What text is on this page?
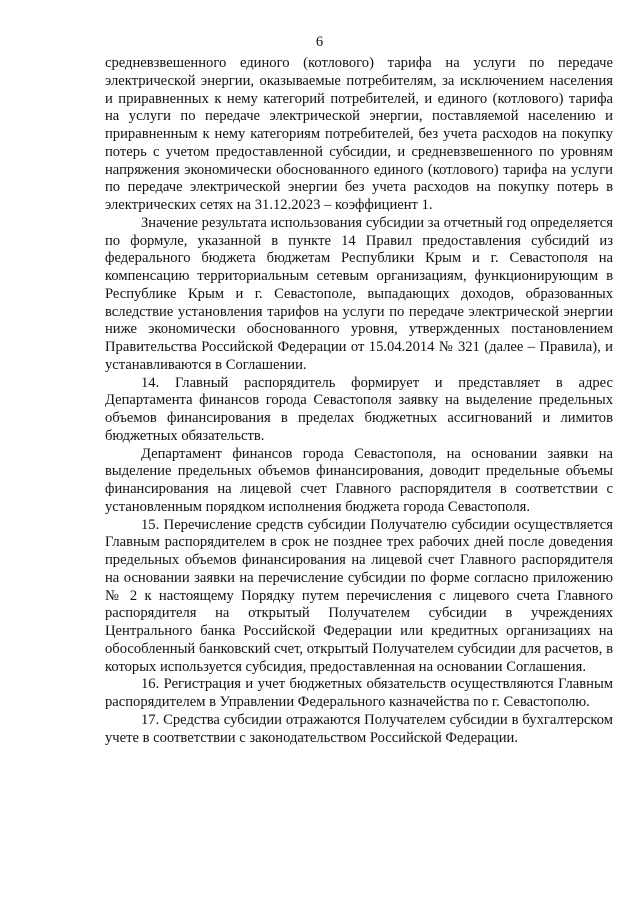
6

средневзвешенного единого (котлового) тарифа на услуги по передаче электрической энергии, оказываемые потребителям, за исключением населения и приравненных к нему категорий потребителей, и единого (котлового) тарифа на услуги по передаче электрической энергии, поставляемой населению и приравненным к нему категориям потребителей, без учета расходов на покупку потерь с учетом предоставленной субсидии, и средневзвешенного по уровням напряжения экономически обоснованного единого (котлового) тарифа на услуги по передаче электрической энергии без учета расходов на покупку потерь в электрических сетях на 31.12.2023 – коэффициент 1.

Значение результата использования субсидии за отчетный год определяется по формуле, указанной в пункте 14 Правил предоставления субсидий из федерального бюджета бюджетам Республики Крым и г. Севастополя на компенсацию территориальным сетевым организациям, функционирующим в Республике Крым и г. Севастополе, выпадающих доходов, образованных вследствие установления тарифов на услуги по передаче электрической энергии ниже экономически обоснованного уровня, утвержденных постановлением Правительства Российской Федерации от 15.04.2014 № 321 (далее – Правила), и устанавливаются в Соглашении.

14. Главный распорядитель формирует и представляет в адрес Департамента финансов города Севастополя заявку на выделение предельных объемов финансирования в пределах бюджетных ассигнований и лимитов бюджетных обязательств.

Департамент финансов города Севастополя, на основании заявки на выделение предельных объемов финансирования, доводит предельные объемы финансирования на лицевой счет Главного распорядителя в соответствии с установленным порядком исполнения бюджета города Севастополя.

15. Перечисление средств субсидии Получателю субсидии осуществляется Главным распорядителем в срок не позднее трех рабочих дней после доведения предельных объемов финансирования на лицевой счет Главного распорядителя на основании заявки на перечисление субсидии по форме согласно приложению № 2 к настоящему Порядку путем перечисления с лицевого счета Главного распорядителя на открытый Получателем субсидии в учреждениях Центрального банка Российской Федерации или кредитных организациях на обособленный банковский счет, открытый Получателем субсидии для расчетов, в которых используется субсидия, предоставленная на основании Соглашения.

16. Регистрация и учет бюджетных обязательств осуществляются Главным распорядителем в Управлении Федерального казначейства по г. Севастополю.

17. Средства субсидии отражаются Получателем субсидии в бухгалтерском учете в соответствии с законодательством Российской Федерации.
